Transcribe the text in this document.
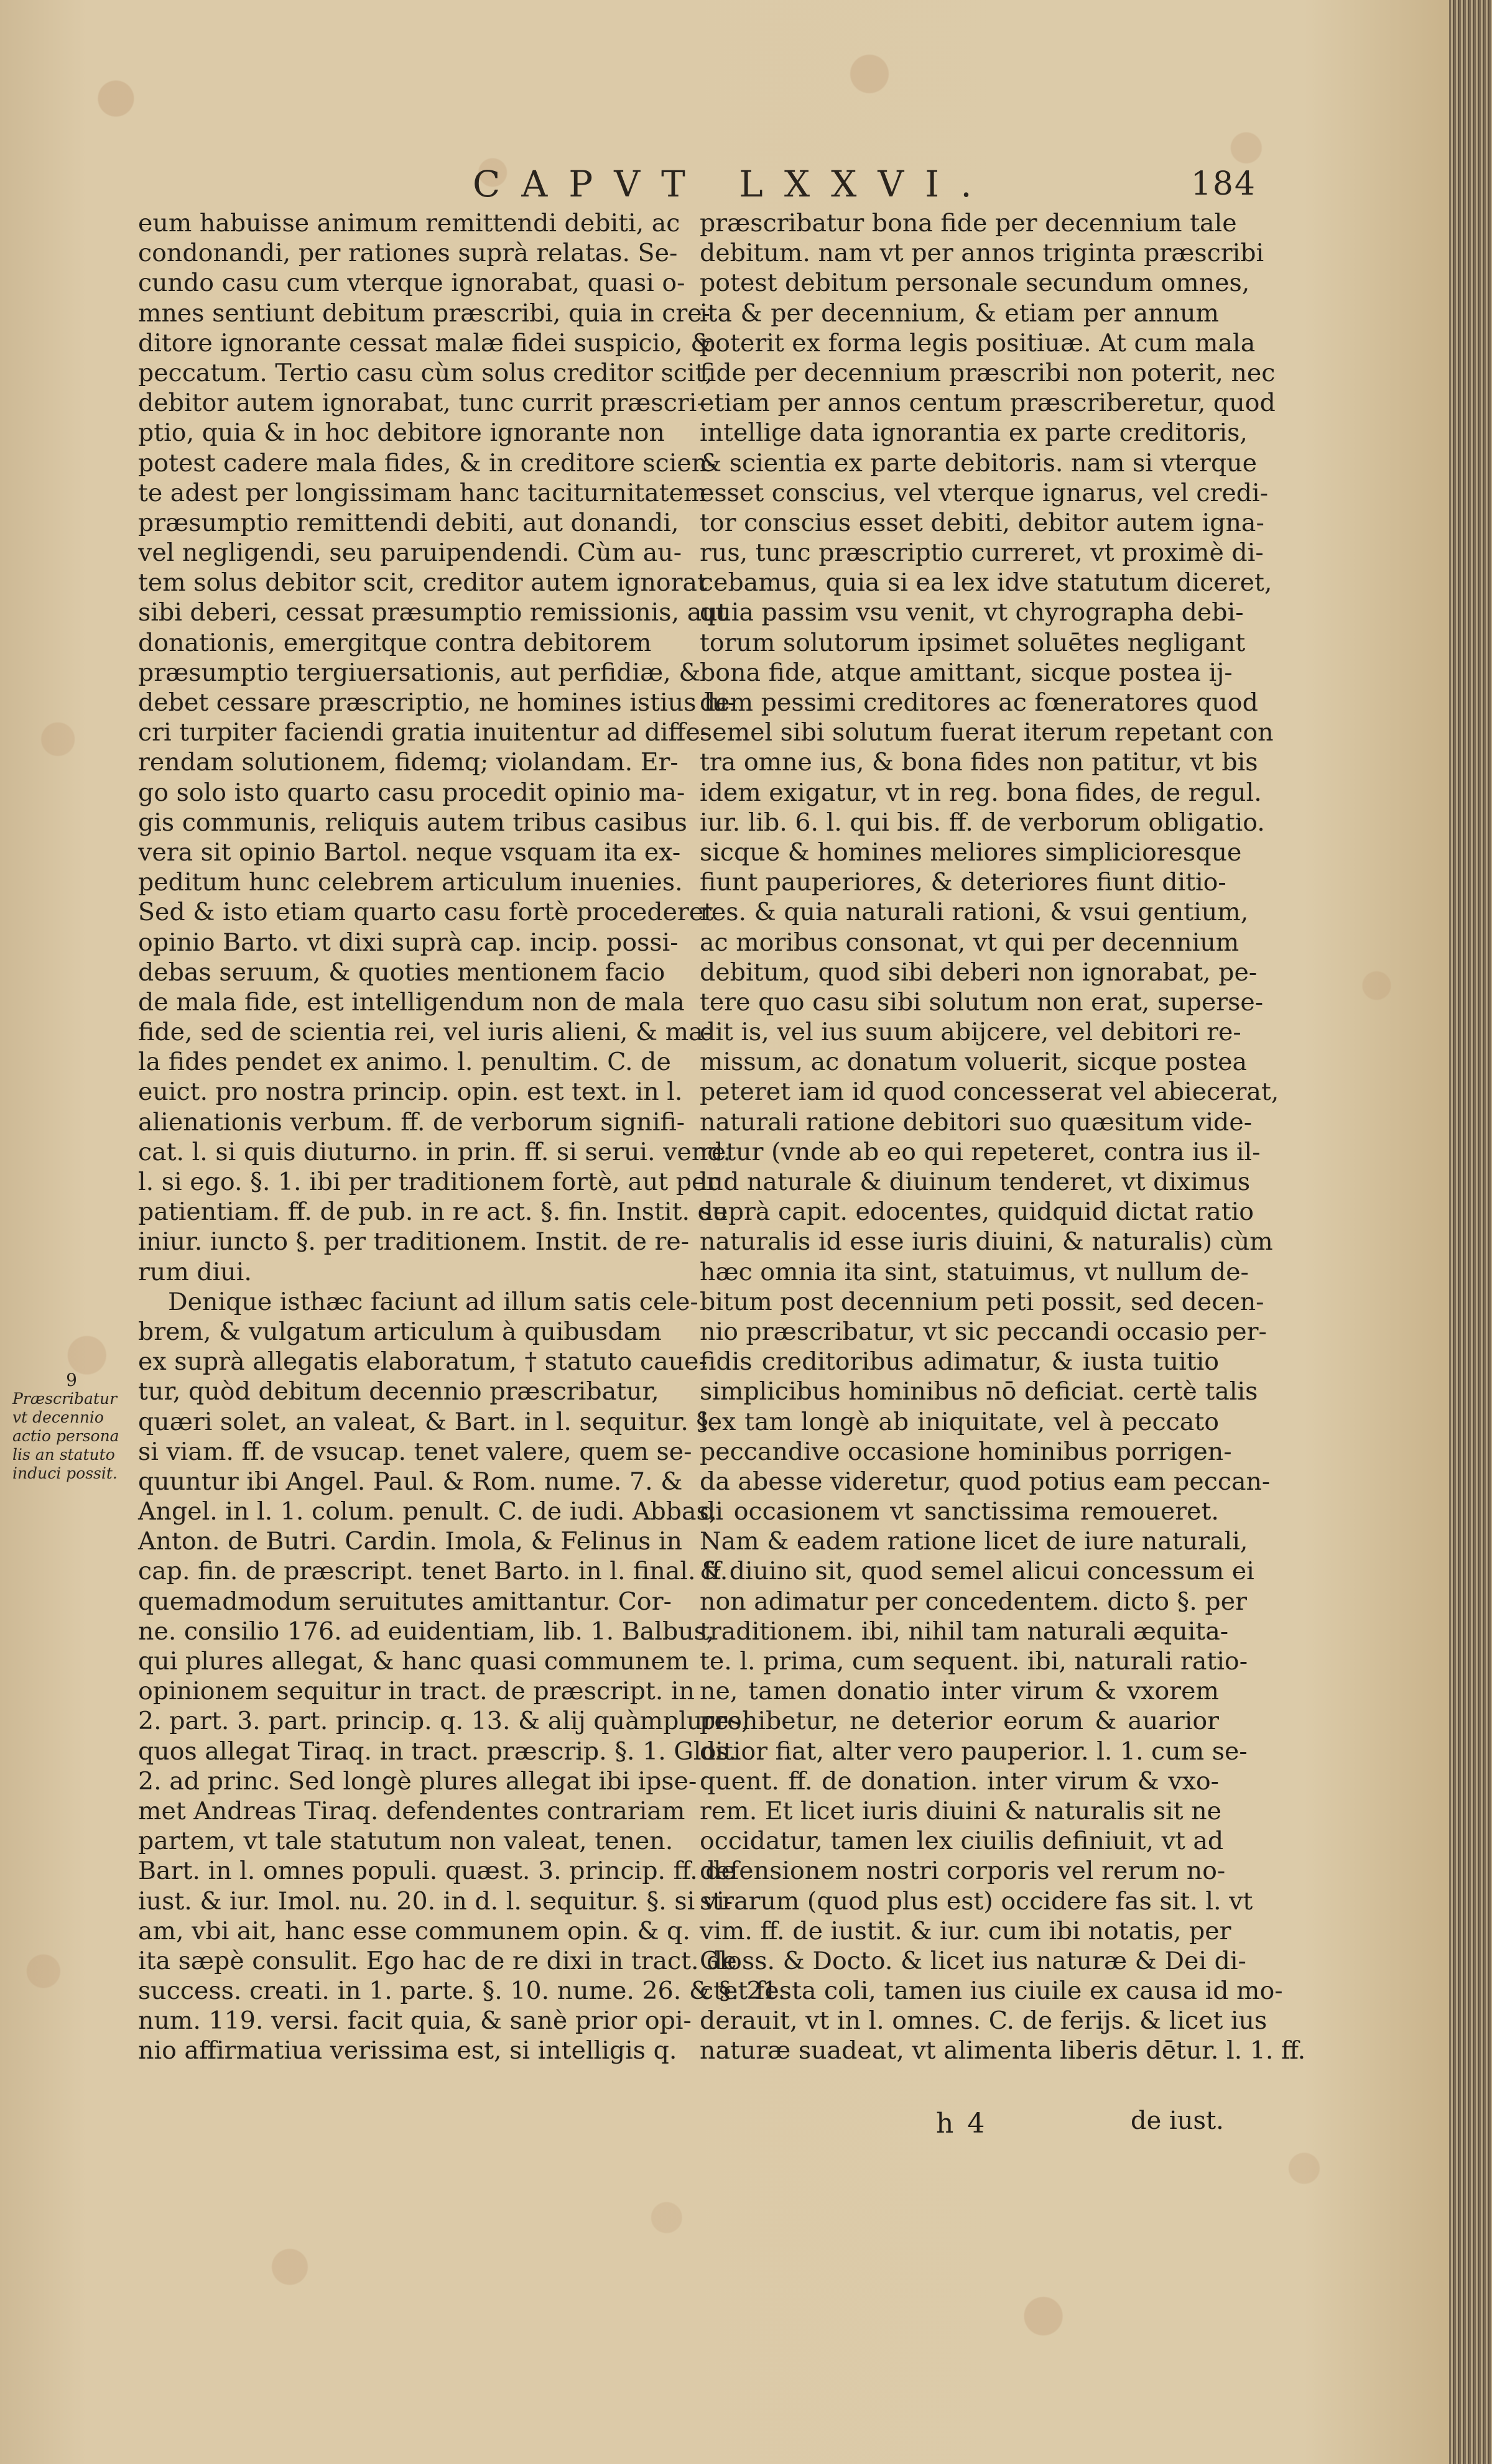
CAPVT LXXVI.	184
eum habuisse animum remittendi debiti, ac
condonandi, per rationes suprà relatas. Se-
cundo casu cum vterque ignorabat, quasi o-
mnes sentiunt debitum præscribi, quia in cre-
ditore ignorante cessat malæ fidei suspicio, &
peccatum. Tertio casu cùm solus creditor scit,
debitor autem ignorabat, tunc currit præscri-
ptio, quia & in hoc debitore ignorante non
potest cadere mala fides, & in creditore scien-
te adest per longissimam hanc taciturnitatem
præsumptio remittendi debiti, aut donandi,
vel negligendi, seu paruipendendi. Cùm au-
tem solus debitor scit, creditor autem ignorat
sibi deberi, cessat præsumptio remissionis, aut
donationis, emergitque contra debitorem
præsumptio tergiuersationis, aut perfidiæ, &
debet cessare præscriptio, ne homines istius lu-
cri turpiter faciendi gratia inuitentur ad diffe-
rendam solutionem, fidemq; violandam. Er-
go solo isto quarto casu procedit opinio ma-
gis communis, reliquis autem tribus casibus
vera sit opinio Bartol. neque vsquam ita ex-
peditum hunc celebrem articulum inuenies.
Sed & isto etiam quarto casu fortè procederet
opinio Barto. vt dixi suprà cap. incip. possi-
debas seruum, & quoties mentionem facio
de mala fide, est intelligendum non de mala
fide, sed de scientia rei, vel iuris alieni, & ma-
la fides pendet ex animo. l. penultim. C. de
euict. pro nostra princip. opin. est text. in l.
alienationis verbum. ff. de verborum signifi-
cat. l. si quis diuturno. in prin. ff. si serui. vend.
l. si ego. §. 1. ibi per traditionem fortè, aut per
patientiam. ff. de pub. in re act. §. fin. Instit. de
iniur. iuncto §. per traditionem. Instit. de re-
rum diui.
Denique isthæc faciunt ad illum satis cele-
brem, & vulgatum articulum à quibusdam
ex suprà allegatis elaboratum, † statuto caue-
tur, quòd debitum decennio præscribatur,
quæri solet, an valeat, & Bart. in l. sequitur. §.
si viam. ff. de vsucap. tenet valere, quem se-
quuntur ibi Angel. Paul. & Rom. nume. 7. &
Angel. in l. 1. colum. penult. C. de iudi. Abbas,
Anton. de Butri. Cardin. Imola, & Felinus in
cap. fin. de præscript. tenet Barto. in l. final. ff.
quemadmodum seruitutes amittantur. Cor-
ne. consilio 176. ad euidentiam, lib. 1. Balbus,
qui plures allegat, & hanc quasi communem
opinionem sequitur in tract. de præscript. in
2. part. 3. part. princip. q. 13. & alij quàmplures,
quos allegat Tiraq. in tract. præscrip. §. 1. Glos.
2. ad princ. Sed longè plures allegat ibi ipse-
met Andreas Tiraq. defendentes contrariam
partem, vt tale statutum non valeat, tenen.
Bart. in l. omnes populi. quæst. 3. princip. ff. de
iust. & iur. Imol. nu. 20. in d. l. sequitur. §. si vi-
am, vbi ait, hanc esse communem opin. & q.
ita sæpè consulit. Ego hac de re dixi in tract. de
success. creati. in 1. parte. §. 10. nume. 26. & §. 21.
num. 119. versi. facit quia, & sanè prior opi-
nio affirmatiua verissima est, si intelligis q.
præscribatur bona fide per decennium tale
debitum. nam vt per annos triginta præscribi
potest debitum personale secundum omnes,
ita & per decennium, & etiam per annum
poterit ex forma legis positiuæ. At cum mala
fide per decennium præscribi non poterit, nec
etiam per annos centum præscriberetur, quod
intellige data ignorantia ex parte creditoris,
& scientia ex parte debitoris. nam si vterque
esset conscius, vel vterque ignarus, vel credi-
tor conscius esset debiti, debitor autem igna-
rus, tunc præscriptio curreret, vt proximè di-
cebamus, quia si ea lex idve statutum diceret,
quia passim vsu venit, vt chyrographa debi-
torum solutorum ipsimet soluētes negligant
bona fide, atque amittant, sicque postea ij-
dem pessimi creditores ac fœneratores quod
semel sibi solutum fuerat iterum repetant con
tra omne ius, & bona fides non patitur, vt bis
idem exigatur, vt in reg. bona fides, de regul.
iur. lib. 6. l. qui bis. ff. de verborum obligatio.
sicque & homines meliores simplicioresque
fiunt pauperiores, & deteriores fiunt ditio-
res. & quia naturali rationi, & vsui gentium,
ac moribus consonat, vt qui per decennium
debitum, quod sibi deberi non ignorabat, pe-
tere quo casu sibi solutum non erat, superse-
dit is, vel ius suum abijcere, vel debitori re-
missum, ac donatum voluerit, sicque postea
peteret iam id quod concesserat vel abiecerat,
naturali ratione debitori suo quæsitum vide-
retur (vnde ab eo qui repeteret, contra ius il-
lud naturale & diuinum tenderet, vt diximus
suprà capit. edocentes, quidquid dictat ratio
naturalis id esse iuris diuini, & naturalis) cùm
hæc omnia ita sint, statuimus, vt nullum de-
bitum post decennium peti possit, sed decen-
nio præscribatur, vt sic peccandi occasio per-
fidis creditoribus adimatur, & iusta tuitio
simplicibus hominibus nō deficiat. certè talis
lex tam longè ab iniquitate, vel à peccato
peccandive occasione hominibus porrigen-
da abesse videretur, quod potius eam peccan-
di occasionem vt sanctissima remoueret.
Nam & eadem ratione licet de iure naturali,
& diuino sit, quod semel alicui concessum ei
non adimatur per concedentem. dicto §. per
traditionem. ibi, nihil tam naturali æquita-
te. l. prima, cum sequent. ibi, naturali ratio-
ne, tamen donatio inter virum & vxorem
prohibetur, ne deterior eorum & auarior
ditior fiat, alter vero pauperior. l. 1. cum se-
quent. ff. de donation. inter virum & vxo-
rem. Et licet iuris diuini & naturalis sit ne
occidatur, tamen lex ciuilis definiuit, vt ad
defensionem nostri corporis vel rerum no-
strarum (quod plus est) occidere fas sit. l. vt
vim. ff. de iustit. & iur. cum ibi notatis, per
Gloss. & Docto. & licet ius naturæ & Dei di-
ctet festa coli, tamen ius ciuile ex causa id mo-
derauit, vt in l. omnes. C. de ferijs. & licet ius
naturæ suadeat, vt alimenta liberis dētur. l. 1. ff.
9
Præscribatur
vt decennio
actio persona
lis an statuto
induci possit.
h 4	de iust.
